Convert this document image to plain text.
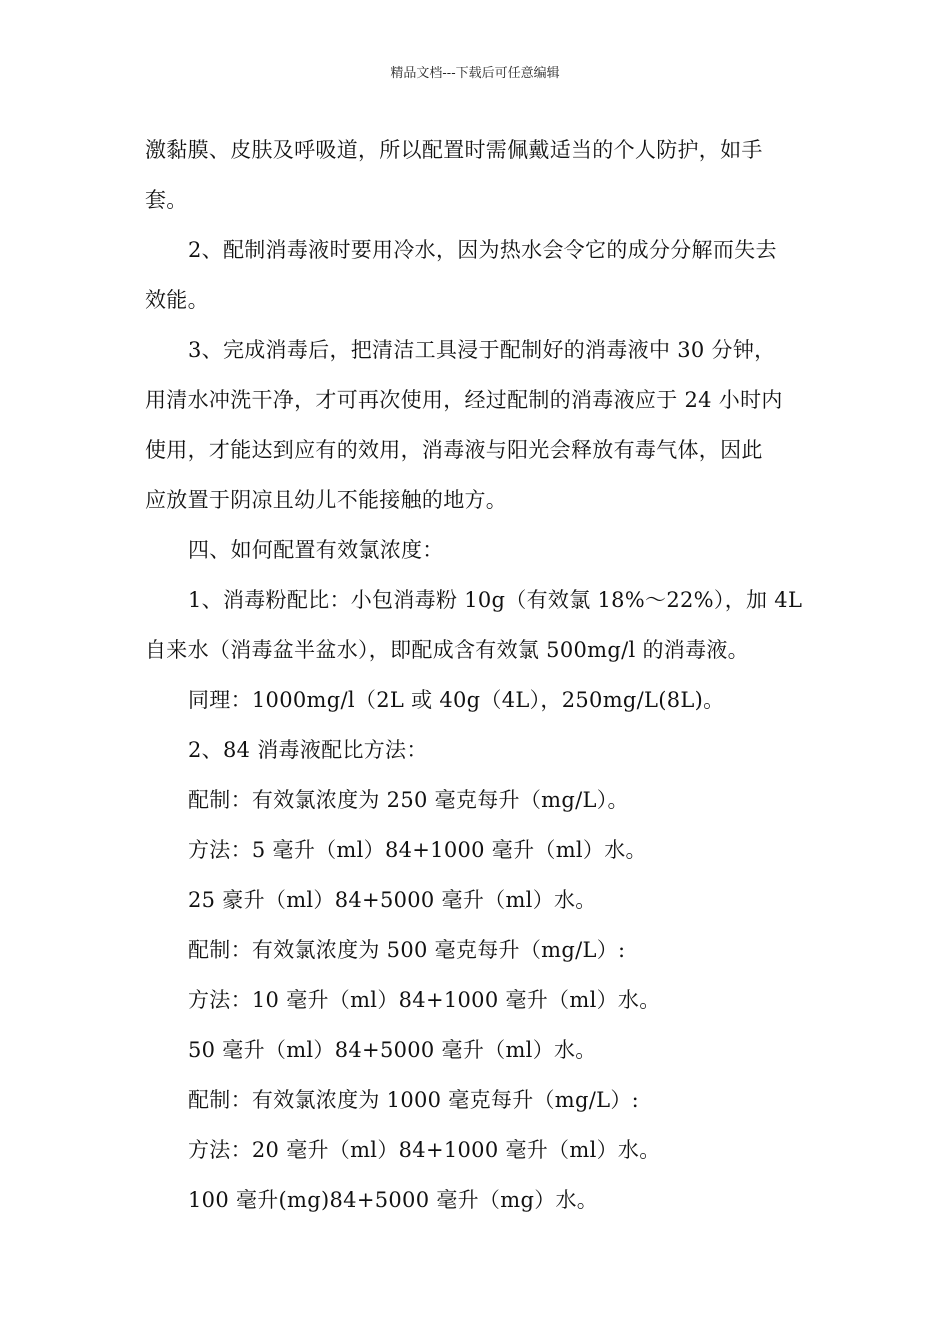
精品文档---下载后可任意编辑
激黏膜、皮肤及呼吸道，所以配置时需佩戴适当的个人防护，如手
套。
2、配制消毒液时要用冷水，因为热水会令它的成分分解而失去
效能。
3、完成消毒后，把清洁工具浸于配制好的消毒液中 30 分钟，
用清水冲洗干净，才可再次使用，经过配制的消毒液应于 24 小时内
使用，才能达到应有的效用，消毒液与阳光会释放有毒气体，因此
应放置于阴凉且幼儿不能接触的地方。
四、如何配置有效氯浓度：
1、消毒粉配比：小包消毒粉 10g（有效氯 18%～22%），加 4L
自来水（消毒盆半盆水），即配成含有效氯 500mg/l 的消毒液。
同理：1000mg/l（2L 或 40g（4L），250mg/L(8L)。
2、84 消毒液配比方法：
配制：有效氯浓度为 250 毫克每升（mg/L）。
方法：5 毫升（ml）84+1000 毫升（ml）水。
25 豪升（ml）84+5000 毫升（ml）水。
配制：有效氯浓度为 500 毫克每升（mg/L）:
方法：10 毫升（ml）84+1000 毫升（ml）水。
50 毫升（ml）84+5000 毫升（ml）水。
配制：有效氯浓度为 1000 毫克每升（mg/L）:
方法：20 毫升（ml）84+1000 毫升（ml）水。
100 毫升(mg)84+5000 毫升（mg）水。
